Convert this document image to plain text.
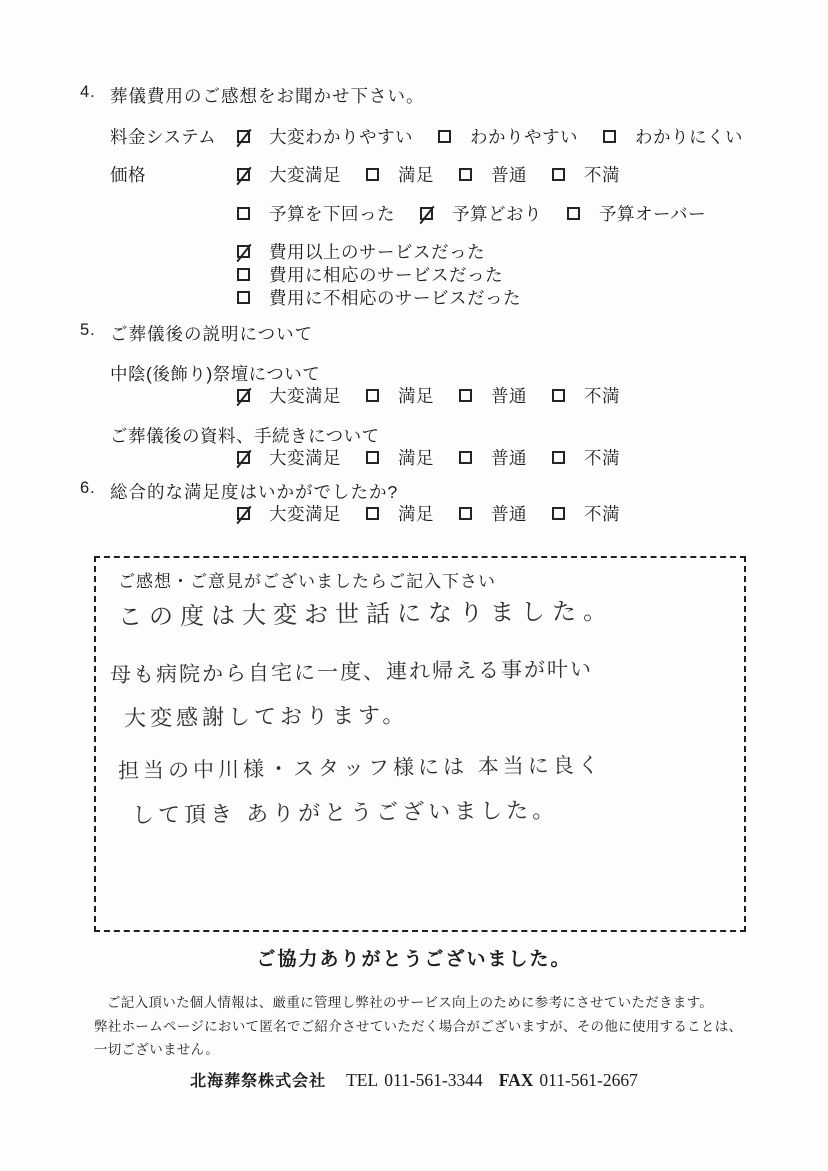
4. 葬儀費用のご感想をお聞かせ下さい。
料金システム	大変わかりやすい	わかりやすい	わかりにくい
価格	大変満足	満足	普通	不満
予算を下回った	予算どおり	予算オーバー
費用以上のサービスだった
費用に相応のサービスだった
費用に不相応のサービスだった
5. ご葬儀後の説明について
中陰(後飾り)祭壇について
大変満足	満足	普通	不満
ご葬儀後の資料、手続きについて
大変満足	満足	普通	不満
6. 総合的な満足度はいかがでしたか?
大変満足	満足	普通	不満
ご感想・ご意見がございましたらご記入下さい
この度は大変お世話になりました。
母も病院から自宅に一度、連れ帰える事が叶い
大変感謝しております。
担当の中川様・スタッフ様には 本当に良く
して頂き ありがとうございました。
ご協力ありがとうございました。
ご記入頂いた個人情報は、厳重に管理し弊社のサービス向上のために参考にさせていただきます。
弊社ホームページにおいて匿名でご紹介させていただく場合がございますが、その他に使用することは、
一切ございません。
北海葬祭株式会社 TEL 011-561-3344 FAX 011-561-2667
